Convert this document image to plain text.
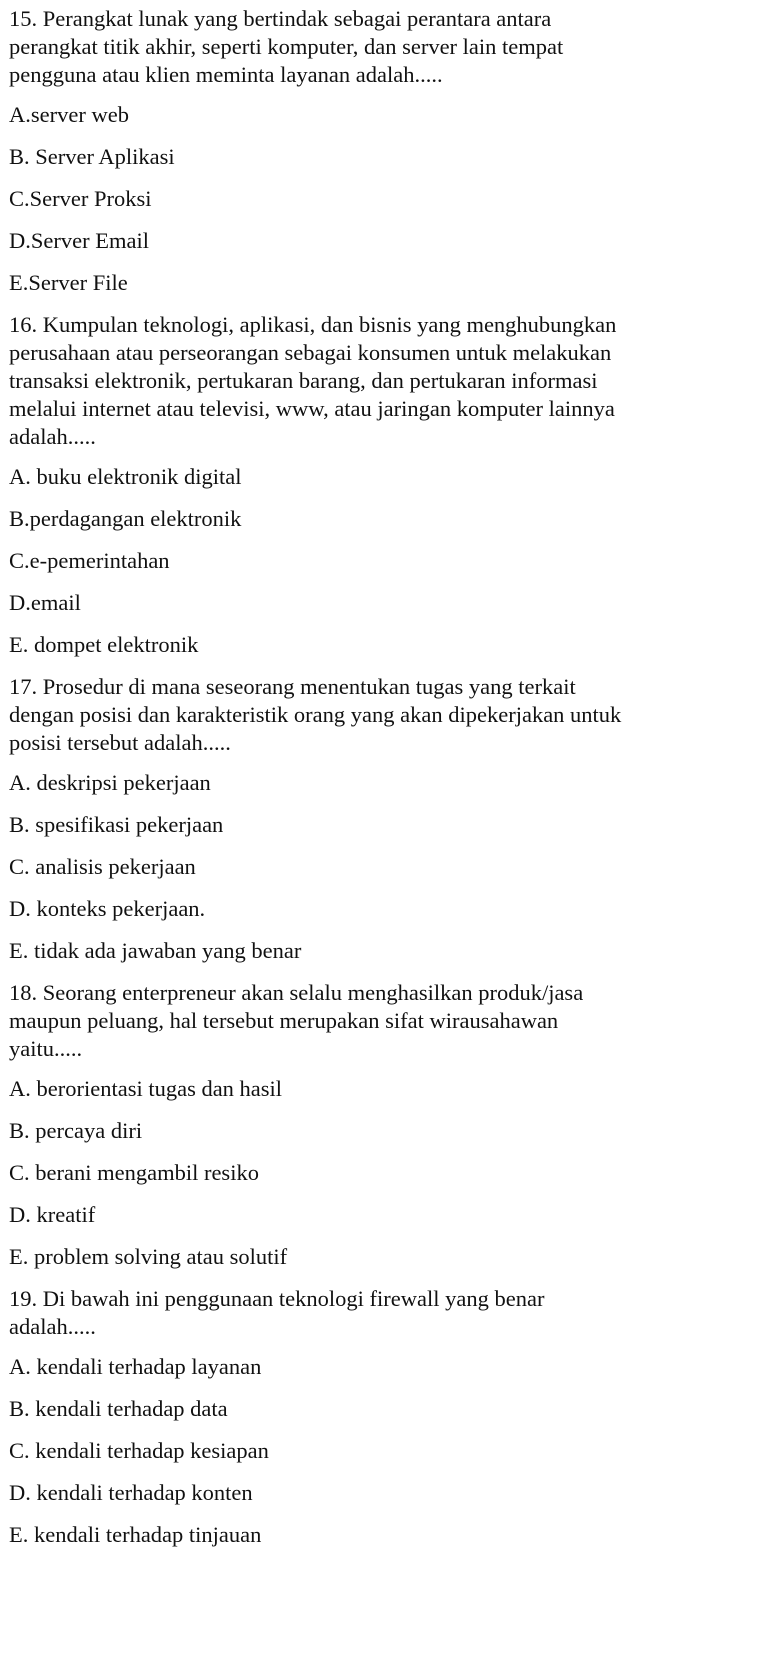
15. Perangkat lunak yang bertindak sebagai perantara antara
perangkat titik akhir, seperti komputer, dan server lain tempat
pengguna atau klien meminta layanan adalah.....
A.server web
B. Server Aplikasi
C.Server Proksi
D.Server Email
E.Server File
16. Kumpulan teknologi, aplikasi, dan bisnis yang menghubungkan
perusahaan atau perseorangan sebagai konsumen untuk melakukan
transaksi elektronik, pertukaran barang, dan pertukaran informasi
melalui internet atau televisi, www, atau jaringan komputer lainnya
adalah.....
A. buku elektronik digital
B.perdagangan elektronik
C.e-pemerintahan
D.email
E. dompet elektronik
17. Prosedur di mana seseorang menentukan tugas yang terkait
dengan posisi dan karakteristik orang yang akan dipekerjakan untuk
posisi tersebut adalah.....
A. deskripsi pekerjaan
B. spesifikasi pekerjaan
C. analisis pekerjaan
D. konteks pekerjaan.
E. tidak ada jawaban yang benar
18. Seorang enterpreneur akan selalu menghasilkan produk/jasa
maupun peluang, hal tersebut merupakan sifat wirausahawan
yaitu.....
A. berorientasi tugas dan hasil
B. percaya diri
C. berani mengambil resiko
D. kreatif
E. problem solving atau solutif
19. Di bawah ini penggunaan teknologi firewall yang benar
adalah.....
A. kendali terhadap layanan
B. kendali terhadap data
C. kendali terhadap kesiapan
D. kendali terhadap konten
E. kendali terhadap tinjauan
